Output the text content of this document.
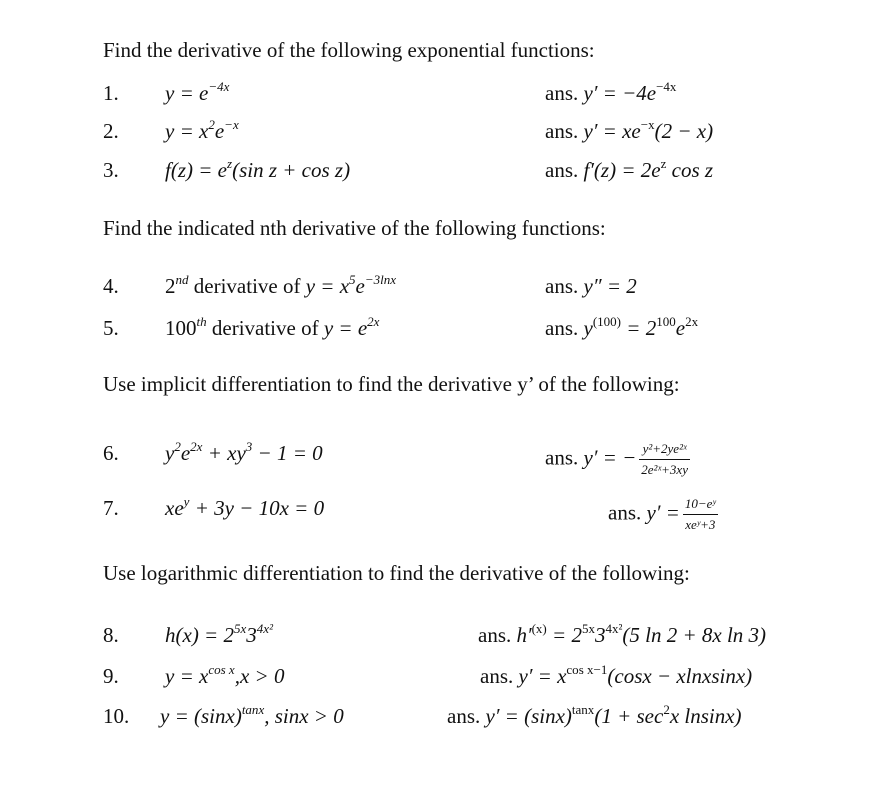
Find the derivative of the following exponential functions:
Find the indicated nth derivative of the following functions:
Use implicit differentiation to find the derivative y’ of the following:
Use logarithmic differentiation to find the derivative of the following:
1. $y = e^{-4x}$	ans. $y' = -4e^{-4x}$
2. $y = x^2e^{-x}$	ans. $y' = xe^{-x}(2 - x)$
3. $f(z) = e^z(\sin$ z + cos z)	ans. $f'(z) = 2e^z$ cos z
4. 2nd derivative of $y = x^5e^{-3lnx}$	ans. y″ = 2
5. 100th derivative of $y = e^{2x}$	ans. $y^{(100)} = 2^{100}e^{2x}$
6. $y^2e^{2x} + xy^3 - 1 = 0$	ans. y′ = − $\frac{\text{y²+2ye²ˣ}}{\text{2e²ˣ+3xy}}$
7. $xe^y + 3y - 10x = 0$	ans. $y' = \frac{\text{10−eʸ}}{\text{xeʸ+3}}$
8. $h(x) = 2^{5x}3^{4x^2}$	ans. $h'^{(x)} = 2^{5x}3^{4x^2}(5$ ln 2 + 8x ln 3)
9. $y = x^{cos x},x > 0$	ans. $y' = x^{cos x-1}(\cos x$ − xlnxsinx)
10. $y = (\sin x)^{tanx}$, sinx > 0	ans. $y' = (\sin x)^{tanx}(1 + \sec^2x$ lnsinx)
